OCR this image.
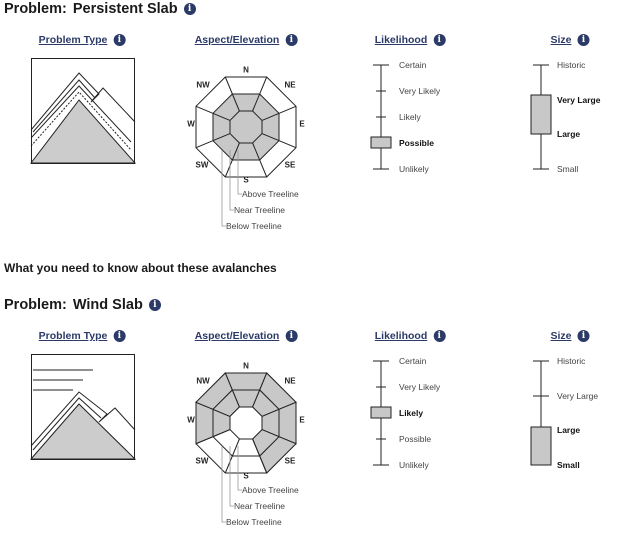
Problem: Persistent Slab	i
Problem Type	i	Aspect/Elevation	i	Likelihood	i	Size	i
N
NE
E
SE
S
SW
W
NW
Above Treeline
Near Treeline
Below Treeline
Certain
Very Likely
Likely
Possible
Unlikely
Historic
Very Large
Large
Small
What you need to know about these avalanches
Problem: Wind Slab	i
Problem Type	i	Aspect/Elevation	i	Likelihood	i	Size	i
N
NE
E
SE
S
SW
W
NW
Above Treeline
Near Treeline
Below Treeline
Certain
Very Likely
Likely
Possible
Unlikely
Historic
Very Large
Large
Small
